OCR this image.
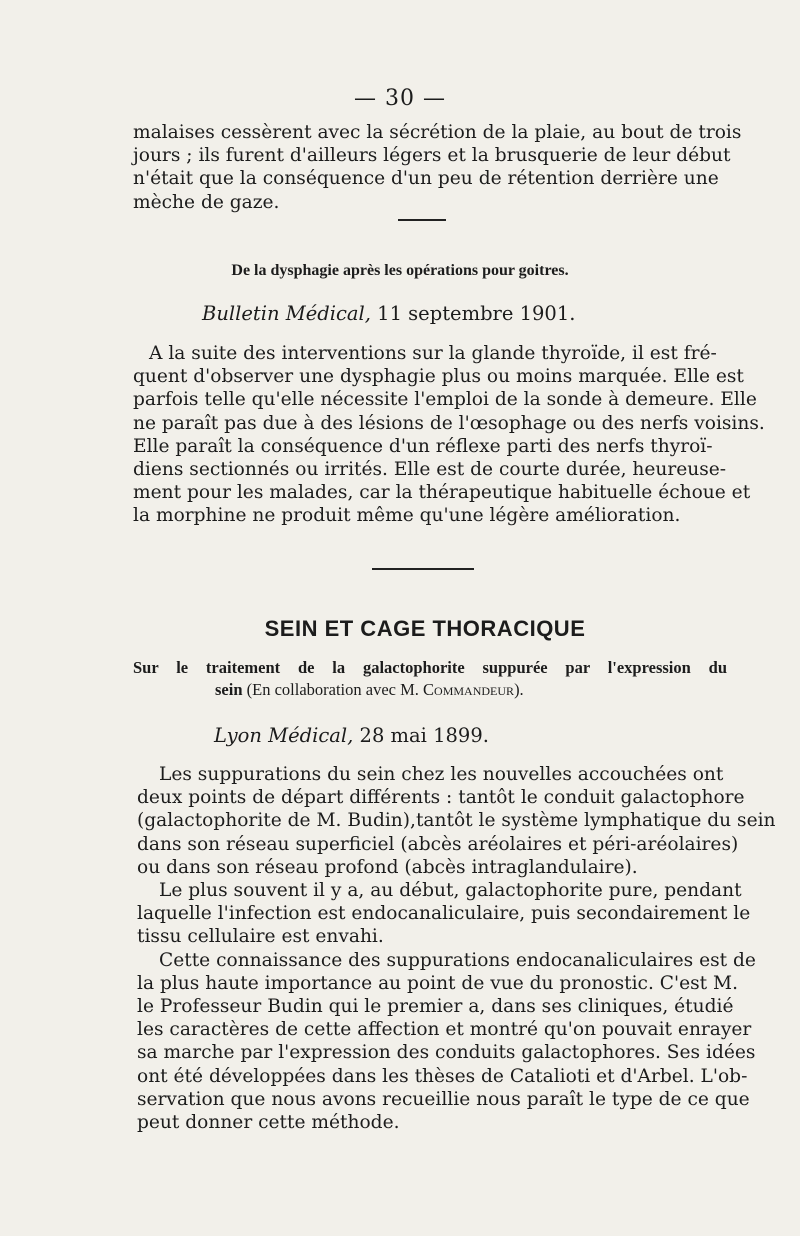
— 30 —
malaises cessèrent avec la sécrétion de la plaie, au bout de trois
jours ; ils furent d'ailleurs légers et la brusquerie de leur début
n'était que la conséquence d'un peu de rétention derrière une
mèche de gaze.
De la dysphagie après les opérations pour goitres.
Bulletin Médical, 11 septembre 1901.
A la suite des interventions sur la glande thyroïde, il est fré-
quent d'observer une dysphagie plus ou moins marquée. Elle est
parfois telle qu'elle nécessite l'emploi de la sonde à demeure. Elle
ne paraît pas due à des lésions de l'œsophage ou des nerfs voisins.
Elle paraît la conséquence d'un réflexe parti des nerfs thyroï-
diens sectionnés ou irrités. Elle est de courte durée, heureuse-
ment pour les malades, car la thérapeutique habituelle échoue et
la morphine ne produit même qu'une légère amélioration.
SEIN ET CAGE THORACIQUE
Sur le traitement de la galactophorite suppurée par l'expression du
sein (En collaboration avec M. Commandeur).
Lyon Médical, 28 mai 1899.
Les suppurations du sein chez les nouvelles accouchées ont
deux points de départ différents : tantôt le conduit galactophore
(galactophorite de M. Budin),tantôt le système lymphatique du sein
dans son réseau superficiel (abcès aréolaires et péri-aréolaires)
ou dans son réseau profond (abcès intraglandulaire).
Le plus souvent il y a, au début, galactophorite pure, pendant
laquelle l'infection est endocanaliculaire, puis secondairement le
tissu cellulaire est envahi.
Cette connaissance des suppurations endocanaliculaires est de
la plus haute importance au point de vue du pronostic. C'est M.
le Professeur Budin qui le premier a, dans ses cliniques, étudié
les caractères de cette affection et montré qu'on pouvait enrayer
sa marche par l'expression des conduits galactophores. Ses idées
ont été développées dans les thèses de Catalioti et d'Arbel. L'ob-
servation que nous avons recueillie nous paraît le type de ce que
peut donner cette méthode.
